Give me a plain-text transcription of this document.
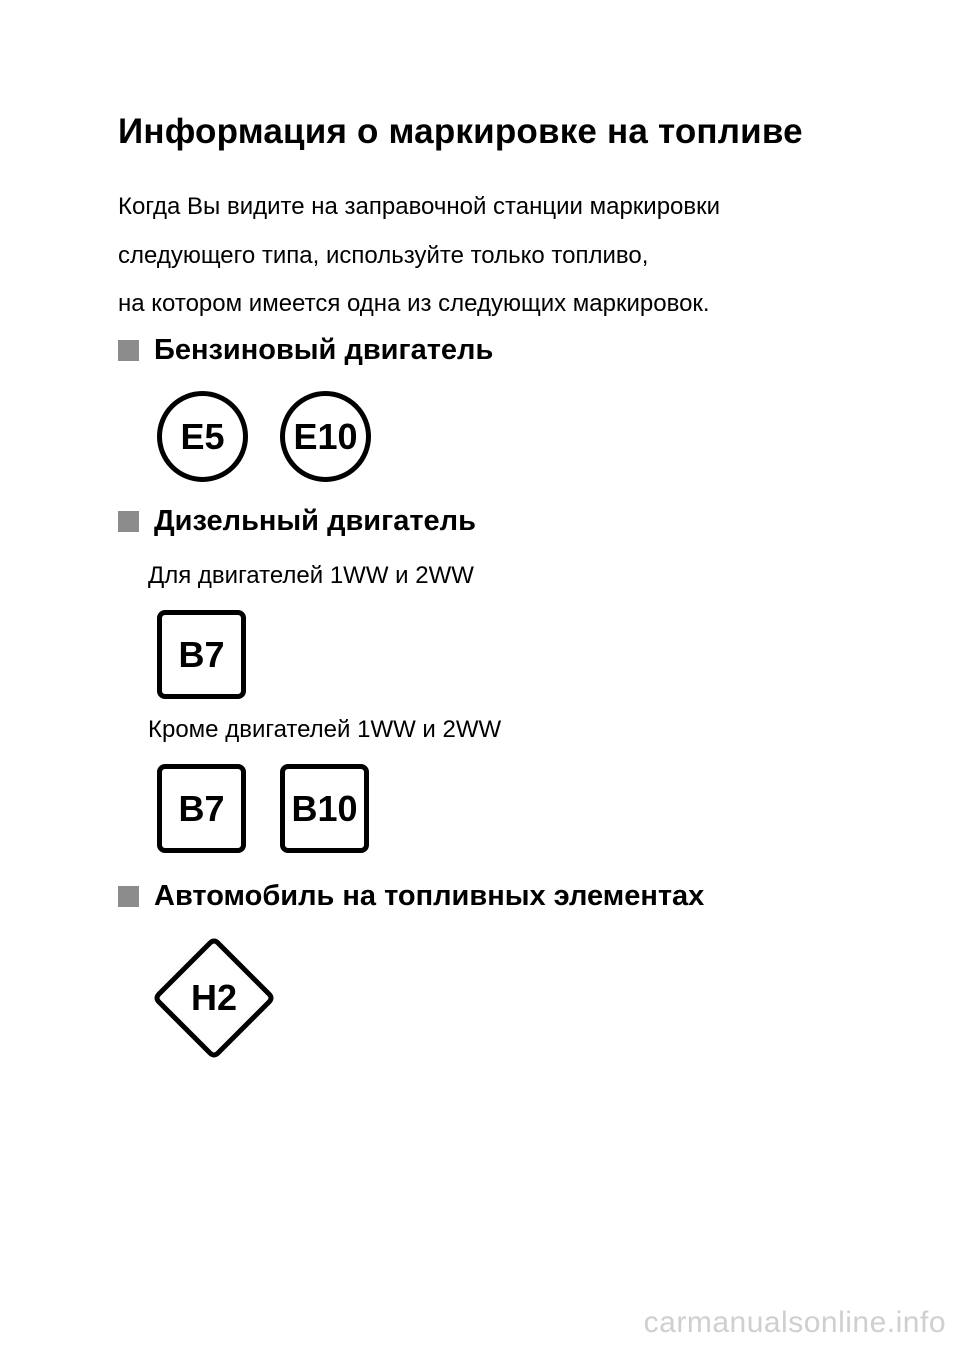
Информация о маркировке на топливе

Когда Вы видите на заправочной станции маркировки
следующего типа, используйте только топливо,
на котором имеется одна из следующих маркировок.

Бензиновый двигатель
E5	E10
Дизельный двигатель

Для двигателей 1WW и 2WW

B7

Кроме двигателей 1WW и 2WW

B7	B10
Автомобиль на топливных элементах
H2
carmanualsonline.info
